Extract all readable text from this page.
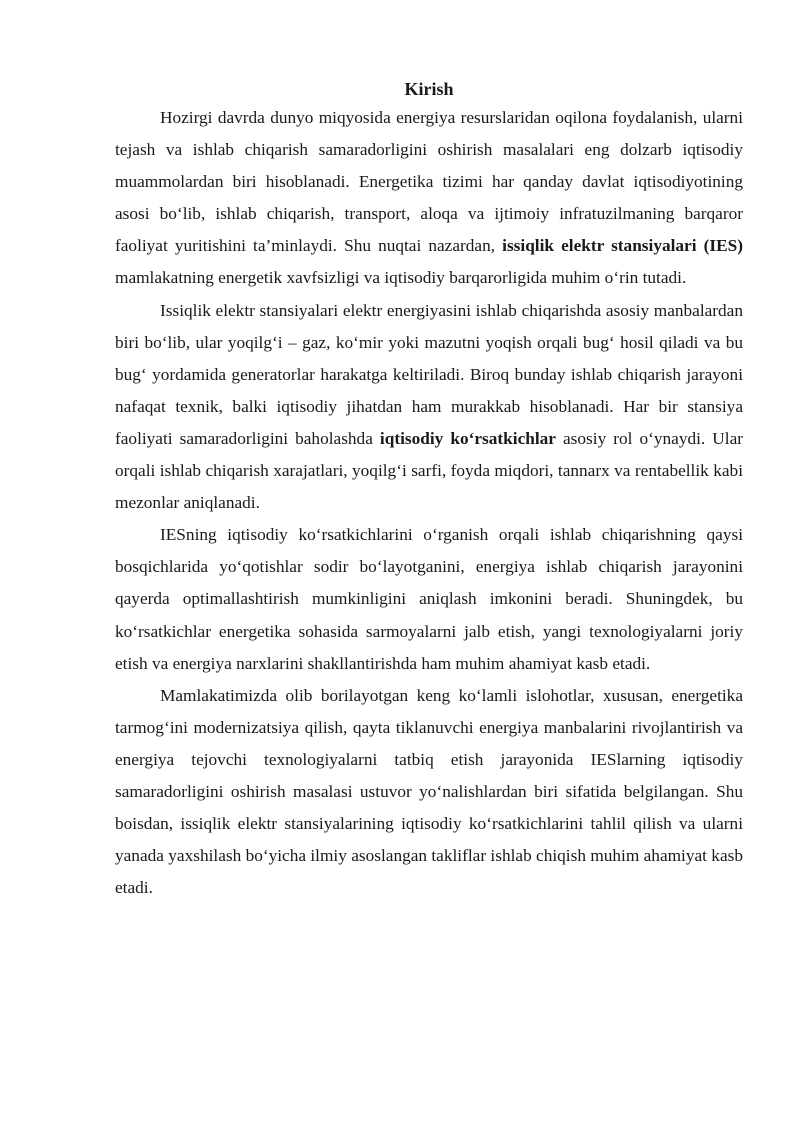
Kirish

Hozirgi davrda dunyo miqyosida energiya resurslaridan oqilona foydalanish, ularni tejash va ishlab chiqarish samaradorligini oshirish masalalari eng dolzarb iqtisodiy muammolardan biri hisoblanadi. Energetika tizimi har qanday davlat iqtisodiyotining asosi bo‘lib, ishlab chiqarish, transport, aloqa va ijtimoiy infratuzilmaning barqaror faoliyat yuritishini ta’minlaydi. Shu nuqtai nazardan, issiqlik elektr stansiyalari (IES) mamlakatning energetik xavfsizligi va iqtisodiy barqarorligida muhim o‘rin tutadi.

Issiqlik elektr stansiyalari elektr energiyasini ishlab chiqarishda asosiy manbalardan biri bo‘lib, ular yoqilg‘i – gaz, ko‘mir yoki mazutni yoqish orqali bug‘ hosil qiladi va bu bug‘ yordamida generatorlar harakatga keltiriladi. Biroq bunday ishlab chiqarish jarayoni nafaqat texnik, balki iqtisodiy jihatdan ham murakkab hisoblanadi. Har bir stansiya faoliyati samaradorligini baholashda iqtisodiy ko‘rsatkichlar asosiy rol o‘ynaydi. Ular orqali ishlab chiqarish xarajatlari, yoqilg‘i sarfi, foyda miqdori, tannarx va rentabellik kabi mezonlar aniqlanadi.

IESning iqtisodiy ko‘rsatkichlarini o‘rganish orqali ishlab chiqarishning qaysi bosqichlarida yo‘qotishlar sodir bo‘layotganini, energiya ishlab chiqarish jarayonini qayerda optimallashtirish mumkinligini aniqlash imkonini beradi. Shuningdek, bu ko‘rsatkichlar energetika sohasida sarmoyalarni jalb etish, yangi texnologiyalarni joriy etish va energiya narxlarini shakllantirishda ham muhim ahamiyat kasb etadi.

Mamlakatimizda olib borilayotgan keng ko‘lamli islohotlar, xususan, energetika tarmog‘ini modernizatsiya qilish, qayta tiklanuvchi energiya manbalarini rivojlantirish va energiya tejovchi texnologiyalarni tatbiq etish jarayonida IESlarning iqtisodiy samaradorligini oshirish masalasi ustuvor yo‘nalishlardan biri sifatida belgilangan. Shu boisdan, issiqlik elektr stansiyalarining iqtisodiy ko‘rsatkichlarini tahlil qilish va ularni yanada yaxshilash bo‘yicha ilmiy asoslangan takliflar ishlab chiqish muhim ahamiyat kasb etadi.
